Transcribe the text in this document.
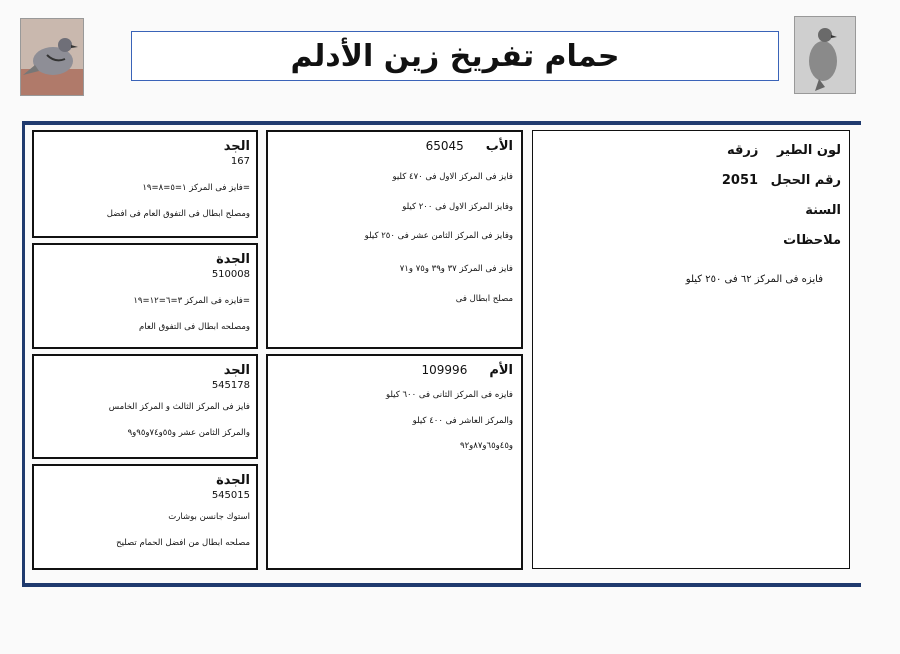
حمام تفريخ زين الأدلم
الجد
167
=فايز فى المركز ١=٥=٨=١٩
ومصلح ابطال فى التفوق العام فى افضل
الجدة
510008
=فايزه فى المركز ٣=٦=١٢=١٩
ومصلحه ابطال فى التفوق العام
الجد
545178
فايز فى المركز الثالث و المركز الخامس
والمركز الثامن عشر و٥٥و٧٤و٩٥و٩
الجدة
545015
استوك جانسن بوشارت
مصلحه ابطال من افضل الحمام تصليح
الأب
65045
فايز فى المركز الاول فى ٤٧٠ كليو
وفايز المركز الاول فى ٢٠٠ كيلو
وفايز فى المركز الثامن عشر فى ٢٥٠ كيلو
فايز فى المركز ٣٧ و٣٩ و٧٥ و٧١
مصلح ابطال فى
الأم
109996
فايزه فى المركز الثانى فى ٦٠٠ كيلو
والمركز العاشر فى ٤٠٠ كيلو
و٤٥و٦٥و٨٧و٩٢
لون الطير زرقه
رقم الحجل 2051
السنة
ملاحظات
فايزه فى المركز ٦٢ فى ٢٥٠ كيلو
